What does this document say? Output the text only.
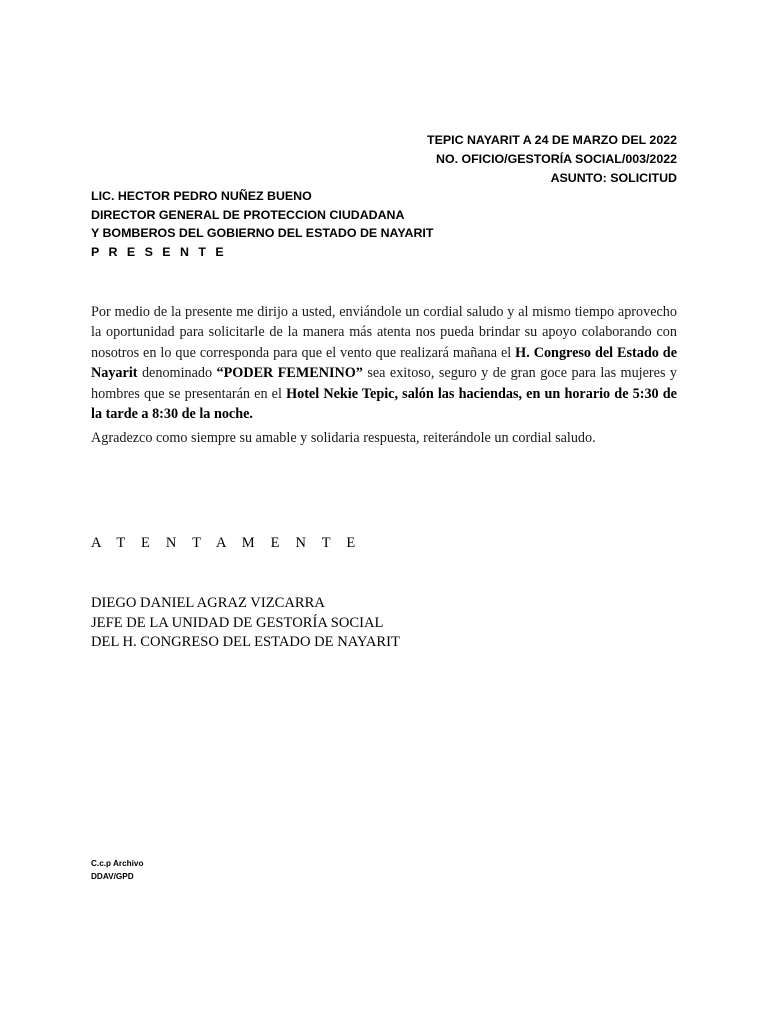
TEPIC NAYARIT A 24 DE MARZO DEL 2022
NO. OFICIO/GESTORÍA SOCIAL/003/2022
ASUNTO: SOLICITUD
LIC. HECTOR PEDRO NUÑEZ BUENO
DIRECTOR GENERAL DE PROTECCION CIUDADANA
Y BOMBEROS DEL GOBIERNO DEL ESTADO DE NAYARIT
P R E S E N T E
Por medio de la presente me dirijo a usted, enviándole un cordial saludo y al mismo tiempo aprovecho la oportunidad para solicitarle de la manera más atenta nos pueda brindar su apoyo colaborando con nosotros en lo que corresponda para que el vento que realizará mañana el H. Congreso del Estado de Nayarit denominado “PODER FEMENINO” sea exitoso, seguro y de gran goce para las mujeres y hombres que se presentarán en el Hotel Nekie Tepic, salón las haciendas, en un horario de 5:30 de la tarde a 8:30 de la noche.
Agradezco como siempre su amable y solidaria respuesta, reiterándole un cordial saludo.
A T E N T A M E N T E
DIEGO DANIEL AGRAZ VIZCARRA
JEFE DE LA UNIDAD DE GESTORÍA SOCIAL
DEL H. CONGRESO DEL ESTADO DE NAYARIT
C.c.p Archivo
DDAV/GPD
